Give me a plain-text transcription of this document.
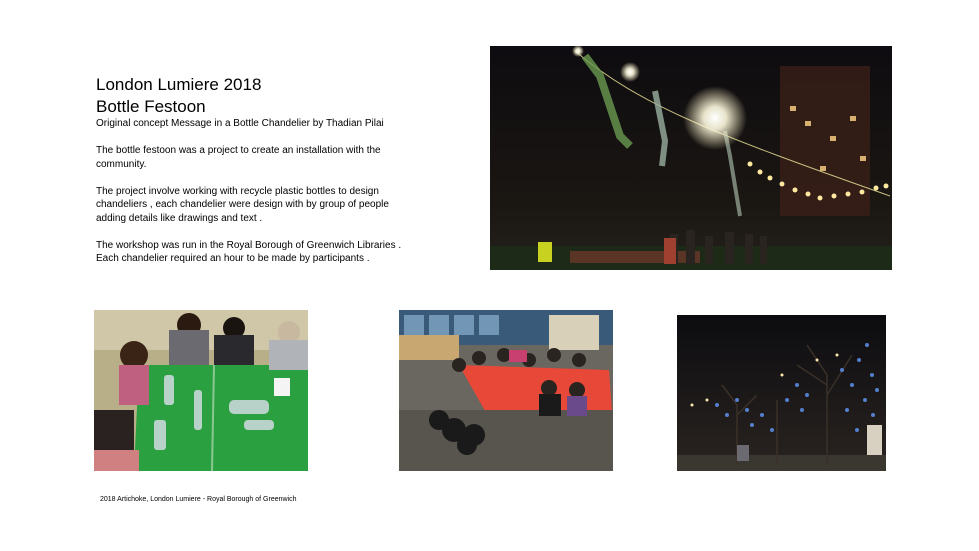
London Lumiere 2018
Bottle Festoon
Original concept Message in a Bottle Chandelier by Thadian Pilai

The bottle festoon was a project to create an installation with the community.

The project involve working with recycle plastic bottles to design chandeliers , each chandelier were design with by group of people adding details like drawings and text .

The workshop was run in the Royal Borough of Greenwich Libraries .

Each chandelier required an hour to be made by participants .
2018 Artichoke, London Lumiere - Royal Borough of Greenwich
